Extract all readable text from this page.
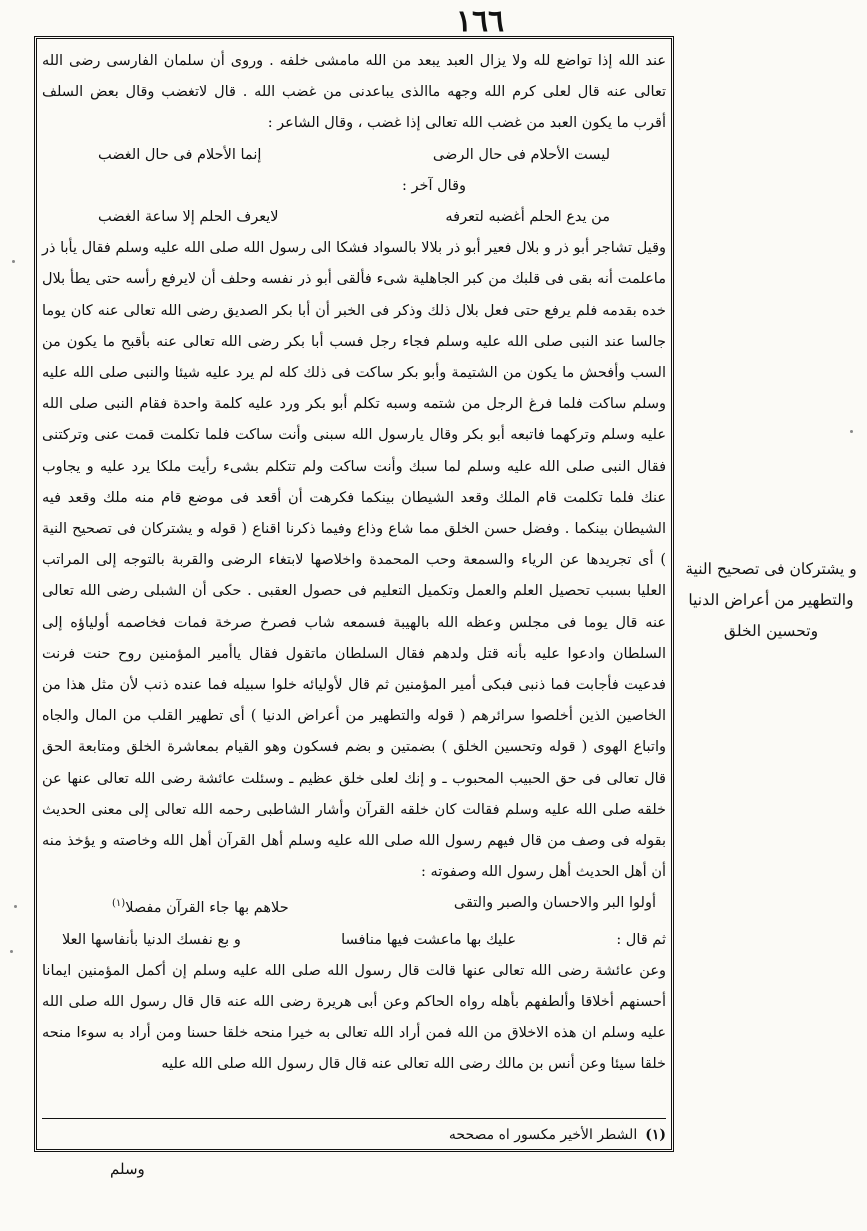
١٦٦

عند الله إذا تواضع لله ولا يزال العبد يبعد من الله مامشى خلفه . وروى أن سلمان الفارسى رضى الله تعالى عنه قال لعلى كرم الله وجهه ماالذى يباعدنى من غضب الله . قال لاتغضب وقال بعض السلف أقرب ما يكون العبد من غضب الله تعالى إذا غضب ، وقال الشاعر :

ليست الأحلام فى حال الرضى
إنما الأحلام فى حال الغضب
وقال آخر :
من يدع الحلم أغضبه لتعرفه
لايعرف الحلم إلا ساعة الغضب

وقيل تشاجر أبو ذر و بلال فعير أبو ذر بلالا بالسواد فشكا الى رسول الله صلى الله عليه وسلم فقال يأبا ذر ماعلمت أنه بقى فى قلبك من كبر الجاهلية شىء فألقى أبو ذر نفسه وحلف أن لايرفع رأسه حتى يطأ بلال خده بقدمه فلم يرفع حتى فعل بلال ذلك وذكر فى الخبر أن أبا بكر الصديق رضى الله تعالى عنه كان يوما جالسا عند النبى صلى الله عليه وسلم فجاء رجل فسب أبا بكر رضى الله تعالى عنه بأقبح ما يكون من السب وأفحش ما يكون من الشتيمة وأبو بكر ساكت فى ذلك كله لم يرد عليه شيئا والنبى صلى الله عليه وسلم ساكت فلما فرغ الرجل من شتمه وسبه تكلم أبو بكر ورد عليه كلمة واحدة فقام النبى صلى الله عليه وسلم وتركهما فاتبعه أبو بكر وقال يارسول الله سبنى وأنت ساكت فلما تكلمت قمت عنى وتركتنى فقال النبى صلى الله عليه وسلم لما سبك وأنت ساكت ولم تتكلم بشىء رأيت ملكا يرد عليه و يجاوب عنك فلما تكلمت قام الملك وقعد الشيطان بينكما فكرهت أن أقعد فى موضع قام منه ملك وقعد فيه الشيطان بينكما . وفضل حسن الخلق مما شاع وذاع وفيما ذكرنا اقناع ( قوله و يشتركان فى تصحيح النية ) أى تجريدها عن الرياء والسمعة وحب المحمدة واخلاصها لابتغاء الرضى والقربة بالتوجه إلى المراتب العليا بسبب تحصيل العلم والعمل وتكميل التعليم فى حصول العقبى . حكى أن الشبلى رضى الله تعالى عنه قال يوما فى مجلس وعظه الله بالهيبة فسمعه شاب فصرخ صرخة فمات فخاصمه أولياؤه إلى السلطان وادعوا عليه بأنه قتل ولدهم فقال السلطان ماتقول فقال ياأمير المؤمنين روح حنت فرنت فدعيت فأجابت فما ذنبى فبكى أمير المؤمنين ثم قال لأوليائه خلوا سبيله فما عنده ذنب لأن مثل هذا من الخاصين الذين أخلصوا سرائرهم ( قوله والتطهير من أعراض الدنيا ) أى تطهير القلب من المال والجاه واتباع الهوى ( قوله وتحسين الخلق ) بضمتين و بضم فسكون وهو القيام بمعاشرة الخلق ومتابعة الحق قال تعالى فى حق الحبيب المحبوب ـ و إنك لعلى خلق عظيم ـ وسئلت عائشة رضى الله تعالى عنها عن خلقه صلى الله عليه وسلم فقالت كان خلقه القرآن وأشار الشاطبى رحمه الله تعالى إلى معنى الحديث بقوله فى وصف من قال فيهم رسول الله صلى الله عليه وسلم أهل القرآن أهل الله وخاصته و يؤخذ منه أن أهل الحديث أهل رسول الله وصفوته :

أولوا البر والاحسان والصبر والتقى
حلاهم بها جاء القرآن مفصلا$^{(١)}$
ثم قال :
عليك بها ماعشت فيها منافسا
و بع نفسك الدنيا بأنفاسها العلا

وعن عائشة رضى الله تعالى عنها قالت قال رسول الله صلى الله عليه وسلم إن أكمل المؤمنين ايمانا أحسنهم أخلاقا وألطفهم بأهله رواه الحاكم وعن أبى هريرة رضى الله عنه قال قال رسول الله صلى الله عليه وسلم ان هذه الاخلاق من الله فمن أراد الله تعالى به خيرا منحه خلقا حسنا ومن أراد به سوءا منحه خلقا سيئا وعن أنس بن مالك رضى الله تعالى عنه قال قال رسول الله صلى الله عليه

(١)الشطر الأخير مكسور اه مصححه
و يشتركان فى تصحيح النية والتطهير من أعراض الدنيا وتحسين الخلق
وسلم
